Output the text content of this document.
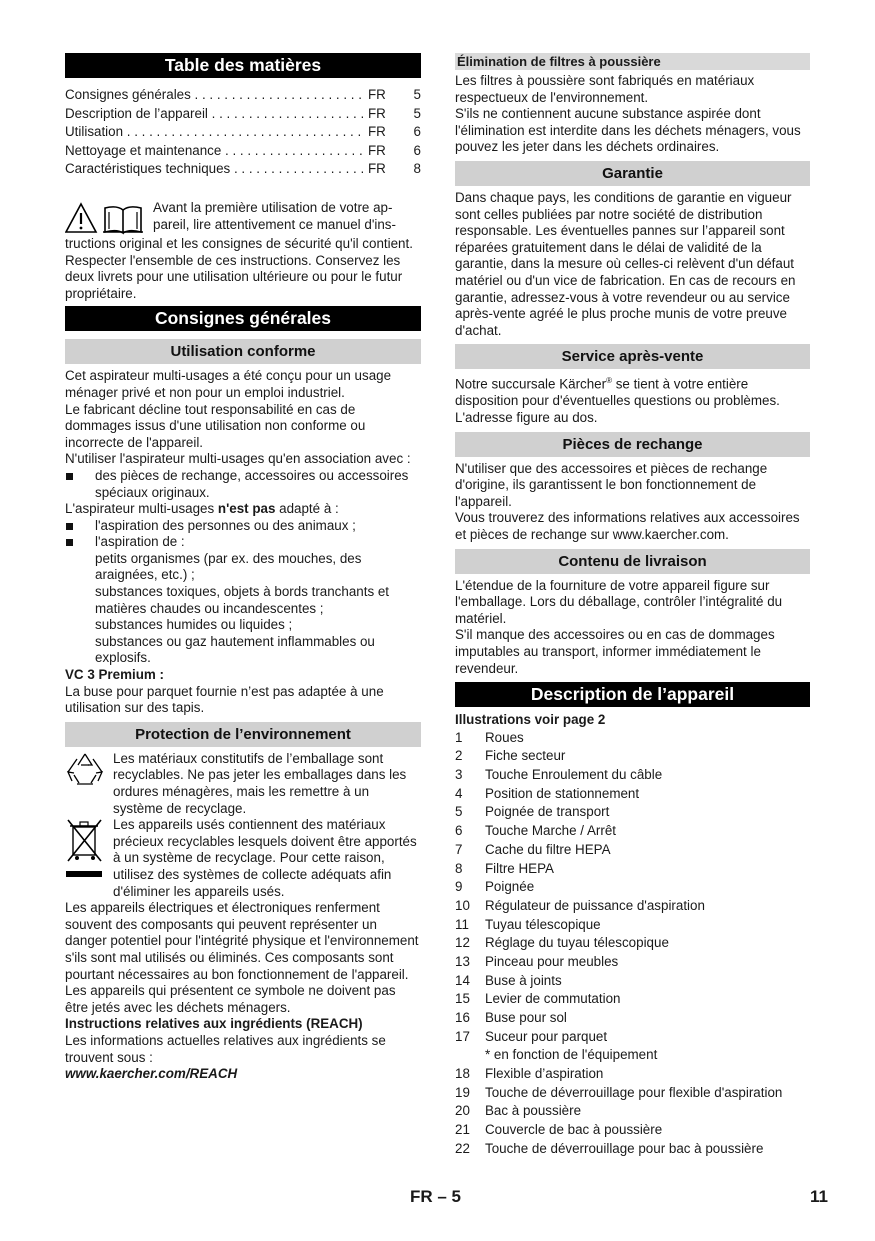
Table des matières
Consignes générales . . .	FR	5
Description de l’appareil . . .	FR	5
Utilisation . . .	FR	6
Nettoyage et maintenance . . .	FR	6
Caractéristiques techniques . . .	FR	8

Avant la première utilisation de votre ap-

pareil, lire attentivement ce manuel d'ins-

tructions original et les consignes de sécurité qu'il contient. Respecter l'ensemble de ces instructions. Conservez les deux livrets pour une utilisation ultérieure ou pour le futur propriétaire.

Consignes générales
Utilisation conforme

Cet aspirateur multi-usages a été conçu pour un usage ménager privé et non pour un emploi industriel.

Le fabricant décline tout responsabilité en cas de dommages issus d'une utilisation non conforme ou incorrecte de l'appareil.

N'utiliser l'aspirateur multi-usages qu'en association avec :

des pièces de rechange, accessoires ou accessoires spéciaux originaux.

L'aspirateur multi-usages n'est pas adapté à :

l'aspiration des personnes ou des animaux ;
l'aspiration de :

petits organismes (par ex. des mouches, des araignées, etc.) ;

substances toxiques, objets à bords tranchants et matières chaudes ou incandescentes ;

substances humides ou liquides ;

substances ou gaz hautement inflammables ou explosifs.

VC 3 Premium :

La buse pour parquet fournie n’est pas adaptée à une utilisation sur des tapis.

Protection de l’environnement

Les matériaux constitutifs de l’emballage sont recyclables. Ne pas jeter les emballages dans les ordures ménagères, mais les remettre à un système de recyclage.

Les appareils usés contiennent des matériaux précieux recyclables lesquels doivent être apportés à un système de recyclage. Pour cette raison, utilisez des systèmes de collecte adéquats afin d'éliminer les appareils usés.

Les appareils électriques et électroniques renferment souvent des composants qui peuvent représenter un danger potentiel pour l'intégrité physique et l'environnement s'ils sont mal utilisés ou éliminés. Ces composants sont pourtant nécessaires au bon fonctionnement de l'appareil. Les appareils qui présentent ce symbole ne doivent pas être jetés avec les déchets ménagers.

Instructions relatives aux ingrédients (REACH)

Les informations actuelles relatives aux ingrédients se trouvent sous :

www.kaercher.com/REACH

Élimination de filtres à poussière

Les filtres à poussière sont fabriqués en matériaux respectueux de l'environnement.

S'ils ne contiennent aucune substance aspirée dont l'élimination est interdite dans les déchets ménagers, vous pouvez les jeter dans les déchets ordinaires.

Garantie

Dans chaque pays, les conditions de garantie en vigueur sont celles publiées par notre société de distribution responsable. Les éventuelles pannes sur l’appareil sont réparées gratuitement dans le délai de validité de la garantie, dans la mesure où celles-ci relèvent d'un défaut matériel ou d'un vice de fabrication. En cas de recours en garantie, adressez-vous à votre revendeur ou au service après-vente agréé le plus proche munis de votre preuve d'achat.

Service après-vente

Notre succursale Kärcher® se tient à votre entière disposition pour d'éventuelles questions ou problèmes. L'adresse figure au dos.

Pièces de rechange

N'utiliser que des accessoires et pièces de rechange d'origine, ils garantissent le bon fonctionnement de l'appareil.

Vous trouverez des informations relatives aux accessoires et pièces de rechange sur www.kaercher.com.

Contenu de livraison

L'étendue de la fourniture de votre appareil figure sur l'emballage. Lors du déballage, contrôler l’intégralité du matériel.

S'il manque des accessoires ou en cas de dommages imputables au transport, informer immédiatement le revendeur.

Description de l’appareil

Illustrations voir page 2

1	Roues
2	Fiche secteur
3	Touche Enroulement du câble
4	Position de stationnement
5	Poignée de transport
6	Touche Marche / Arrêt
7	Cache du filtre HEPA
8	Filtre HEPA
9	Poignée
10	Régulateur de puissance d'aspiration
11	Tuyau télescopique
12	Réglage du tuyau télescopique
13	Pinceau pour meubles
14	Buse à joints
15	Levier de commutation
16	Buse pour sol
17	Suceur pour parquet
* en fonction de l'équipement
18	Flexible d’aspiration
19	Touche de déverrouillage pour flexible d'aspiration
20	Bac à poussière
21	Couvercle de bac à poussière
22	Touche de déverrouillage pour bac à poussière
FR – 5	11
